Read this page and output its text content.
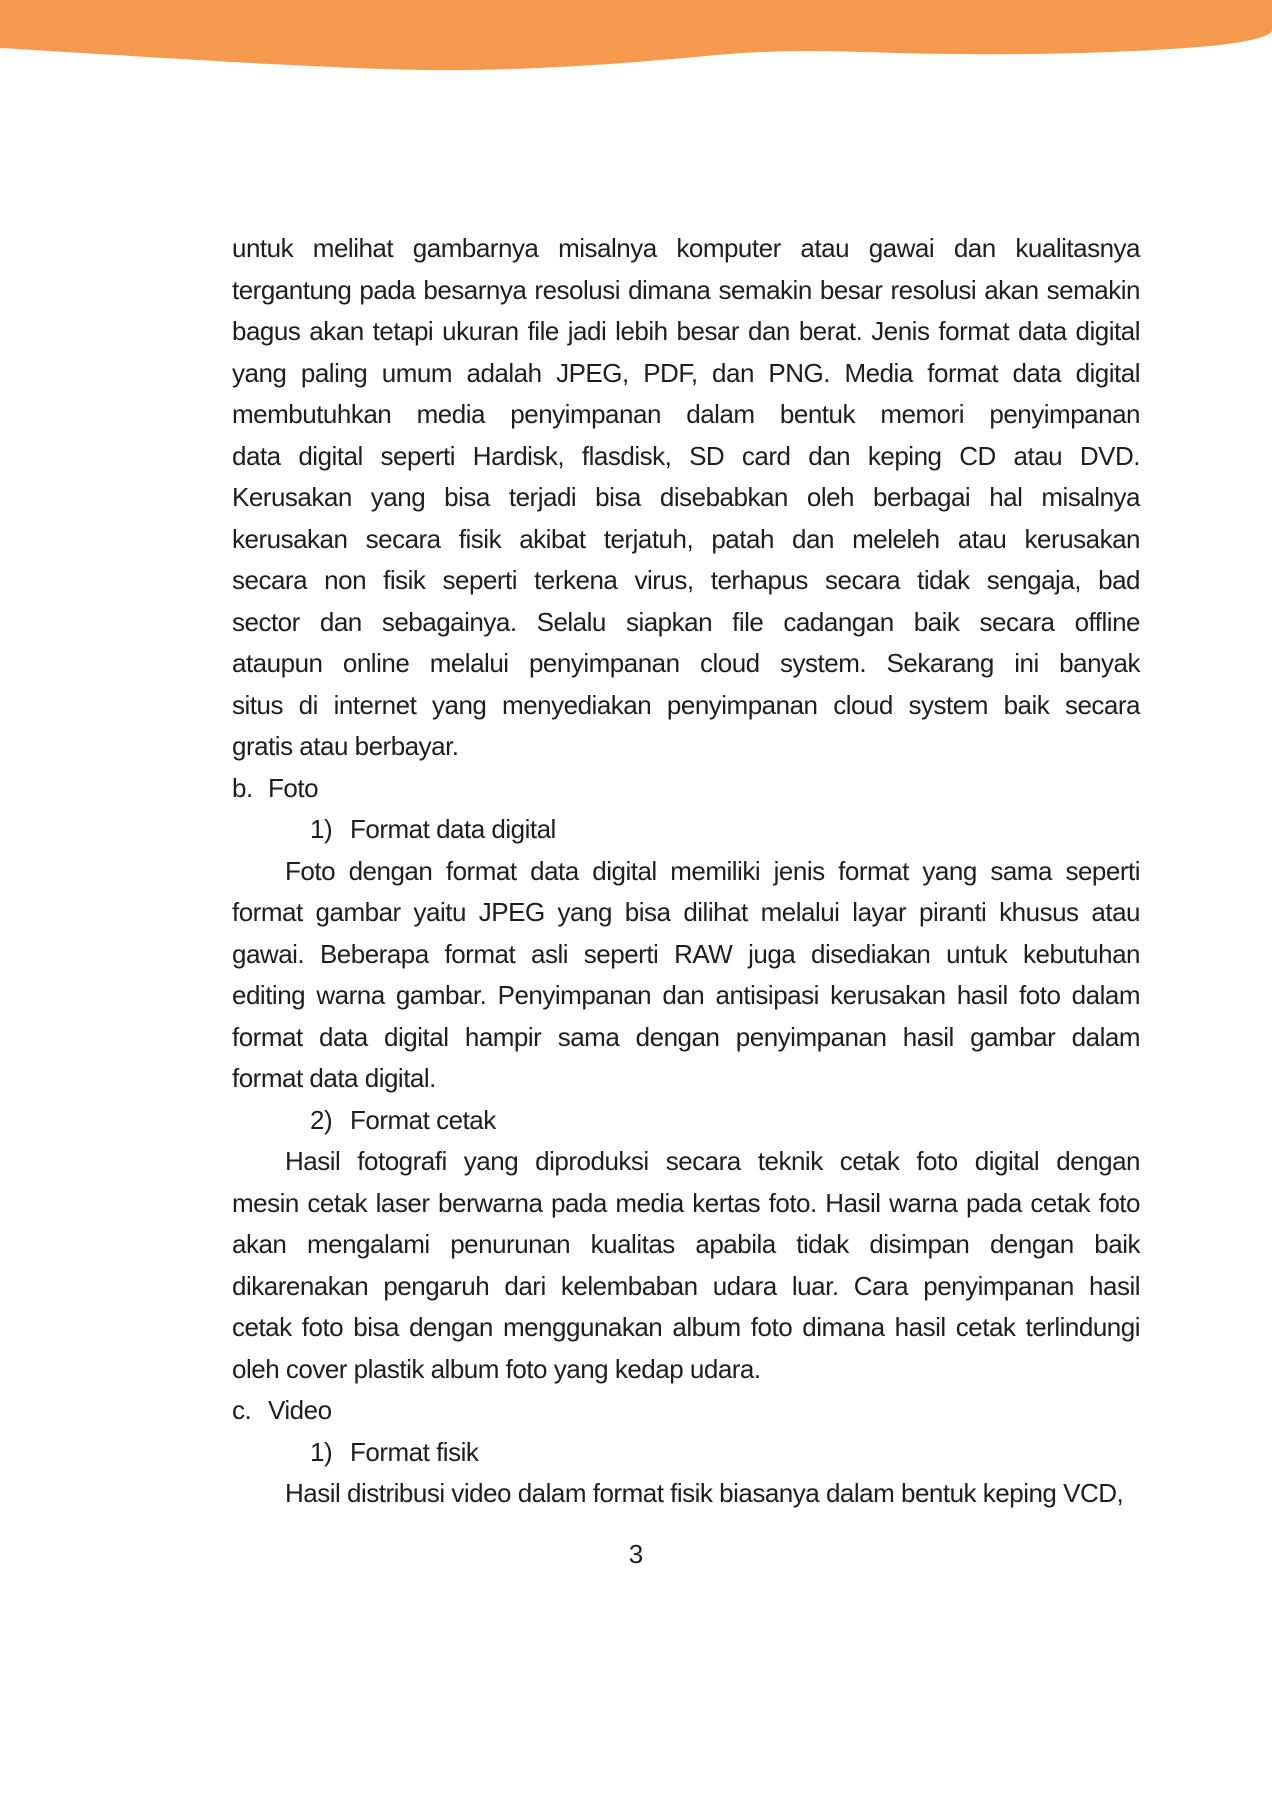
untuk melihat gambarnya misalnya komputer atau gawai dan kualitasnya
tergantung pada besarnya resolusi dimana semakin besar resolusi akan semakin
bagus akan tetapi ukuran file jadi lebih besar dan berat. Jenis format data digital
yang paling umum adalah JPEG, PDF, dan PNG. Media format data digital
membutuhkan media penyimpanan dalam bentuk memori penyimpanan
data digital seperti Hardisk, flasdisk, SD card dan keping CD atau DVD.
Kerusakan yang bisa terjadi bisa disebabkan oleh berbagai hal misalnya
kerusakan secara fisik akibat terjatuh, patah dan meleleh atau kerusakan
secara non fisik seperti terkena virus, terhapus secara tidak sengaja, bad
sector dan sebagainya. Selalu siapkan file cadangan baik secara offline
ataupun online melalui penyimpanan cloud system. Sekarang ini banyak
situs di internet yang menyediakan penyimpanan cloud system baik secara
gratis atau berbayar.
b. Foto
1) Format data digital
Foto dengan format data digital memiliki jenis format yang sama seperti
format gambar yaitu JPEG yang bisa dilihat melalui layar piranti khusus atau
gawai. Beberapa format asli seperti RAW juga disediakan untuk kebutuhan
editing warna gambar. Penyimpanan dan antisipasi kerusakan hasil foto dalam
format data digital hampir sama dengan penyimpanan hasil gambar dalam
format data digital.
2) Format cetak
Hasil fotografi yang diproduksi secara teknik cetak foto digital dengan
mesin cetak laser berwarna pada media kertas foto. Hasil warna pada cetak foto
akan mengalami penurunan kualitas apabila tidak disimpan dengan baik
dikarenakan pengaruh dari kelembaban udara luar. Cara penyimpanan hasil
cetak foto bisa dengan menggunakan album foto dimana hasil cetak terlindungi
oleh cover plastik album foto yang kedap udara.
c. Video
1) Format fisik
Hasil distribusi video dalam format fisik biasanya dalam bentuk keping VCD,
3
